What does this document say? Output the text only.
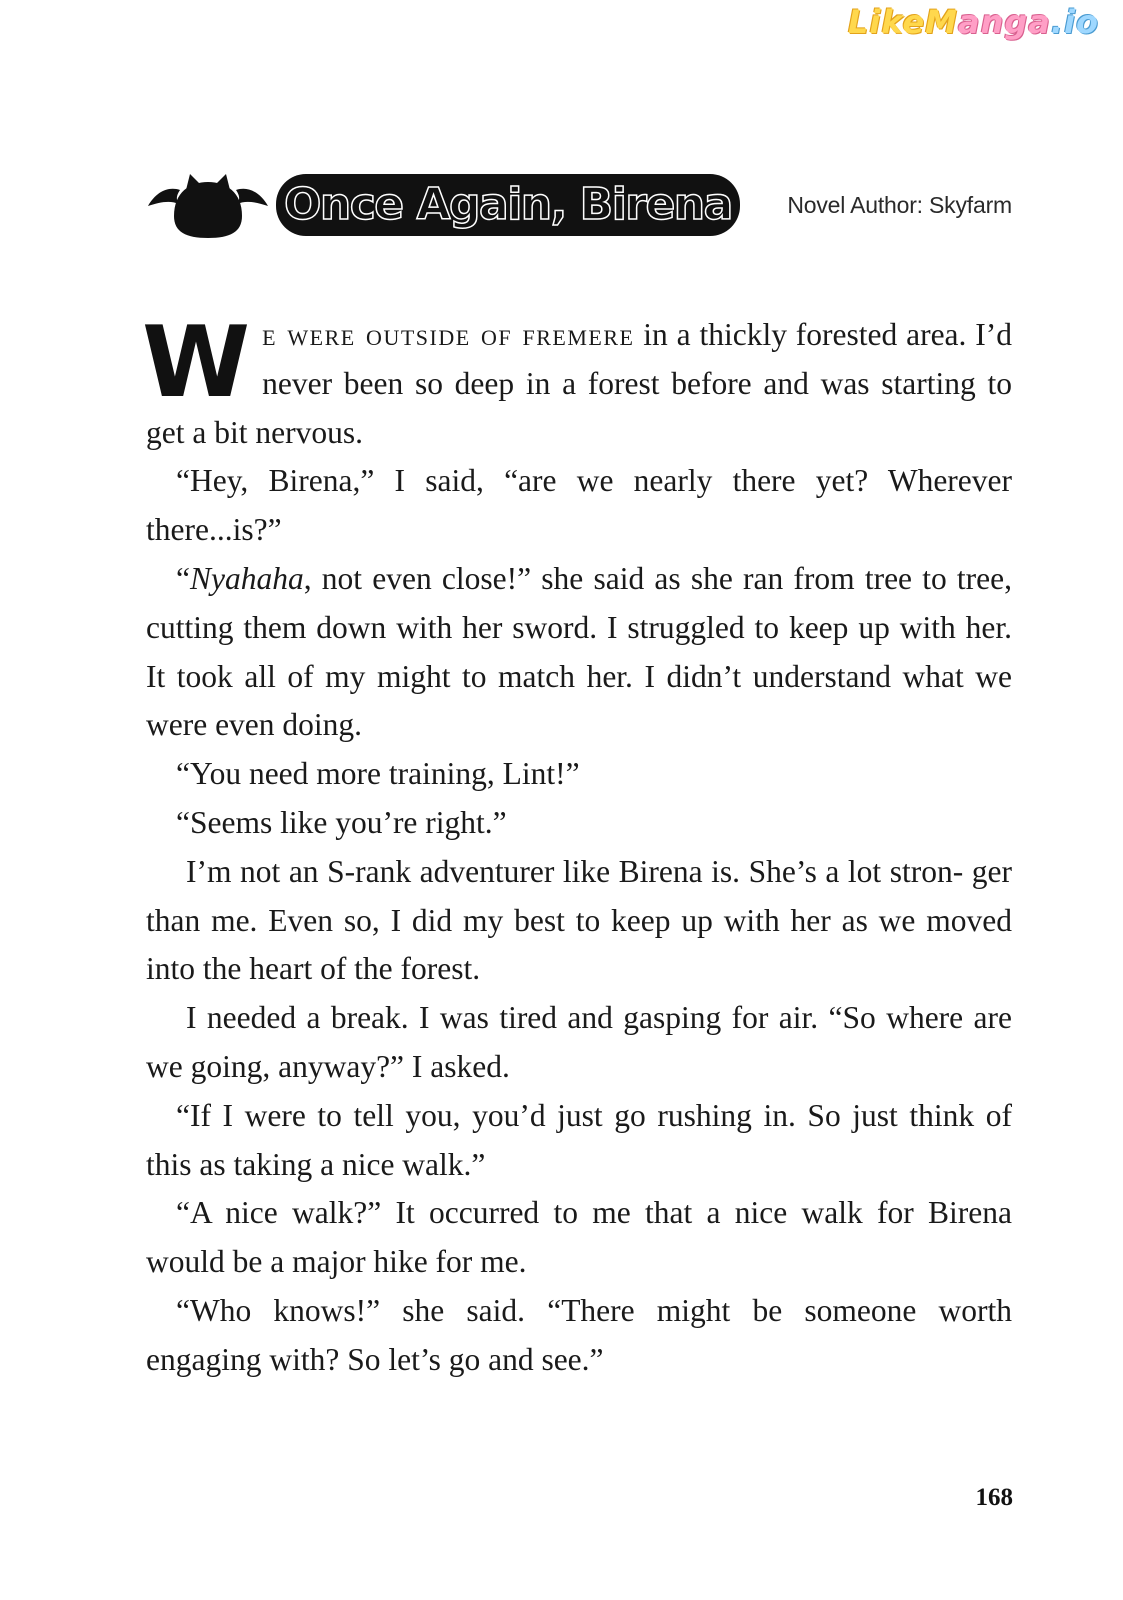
LikeManga.io
Once Again, Birena	Novel Author: Skyfarm

We were outside of fremere in a thickly forested area. I’d never been so deep in a forest before and was starting to get a bit nervous.

“Hey, Birena,” I said, “are we nearly there yet? Wherever there...is?”

“Nyahaha, not even close!” she said as she ran from tree to tree, cutting them down with her sword. I struggled to keep up with her. It took all of my might to match her. I didn’t understand what we were even doing.

“You need more training, Lint!”

“Seems like you’re right.”

I’m not an S-rank adventurer like Birena is. She’s a lot stron- ger than me. Even so, I did my best to keep up with her as we moved into the heart of the forest.

I needed a break. I was tired and gasping for air. “So where are we going, anyway?” I asked.

“If I were to tell you, you’d just go rushing in. So just think of this as taking a nice walk.”

“A nice walk?” It occurred to me that a nice walk for Birena would be a major hike for me.

“Who knows!” she said. “There might be someone worth engaging with? So let’s go and see.”

168
